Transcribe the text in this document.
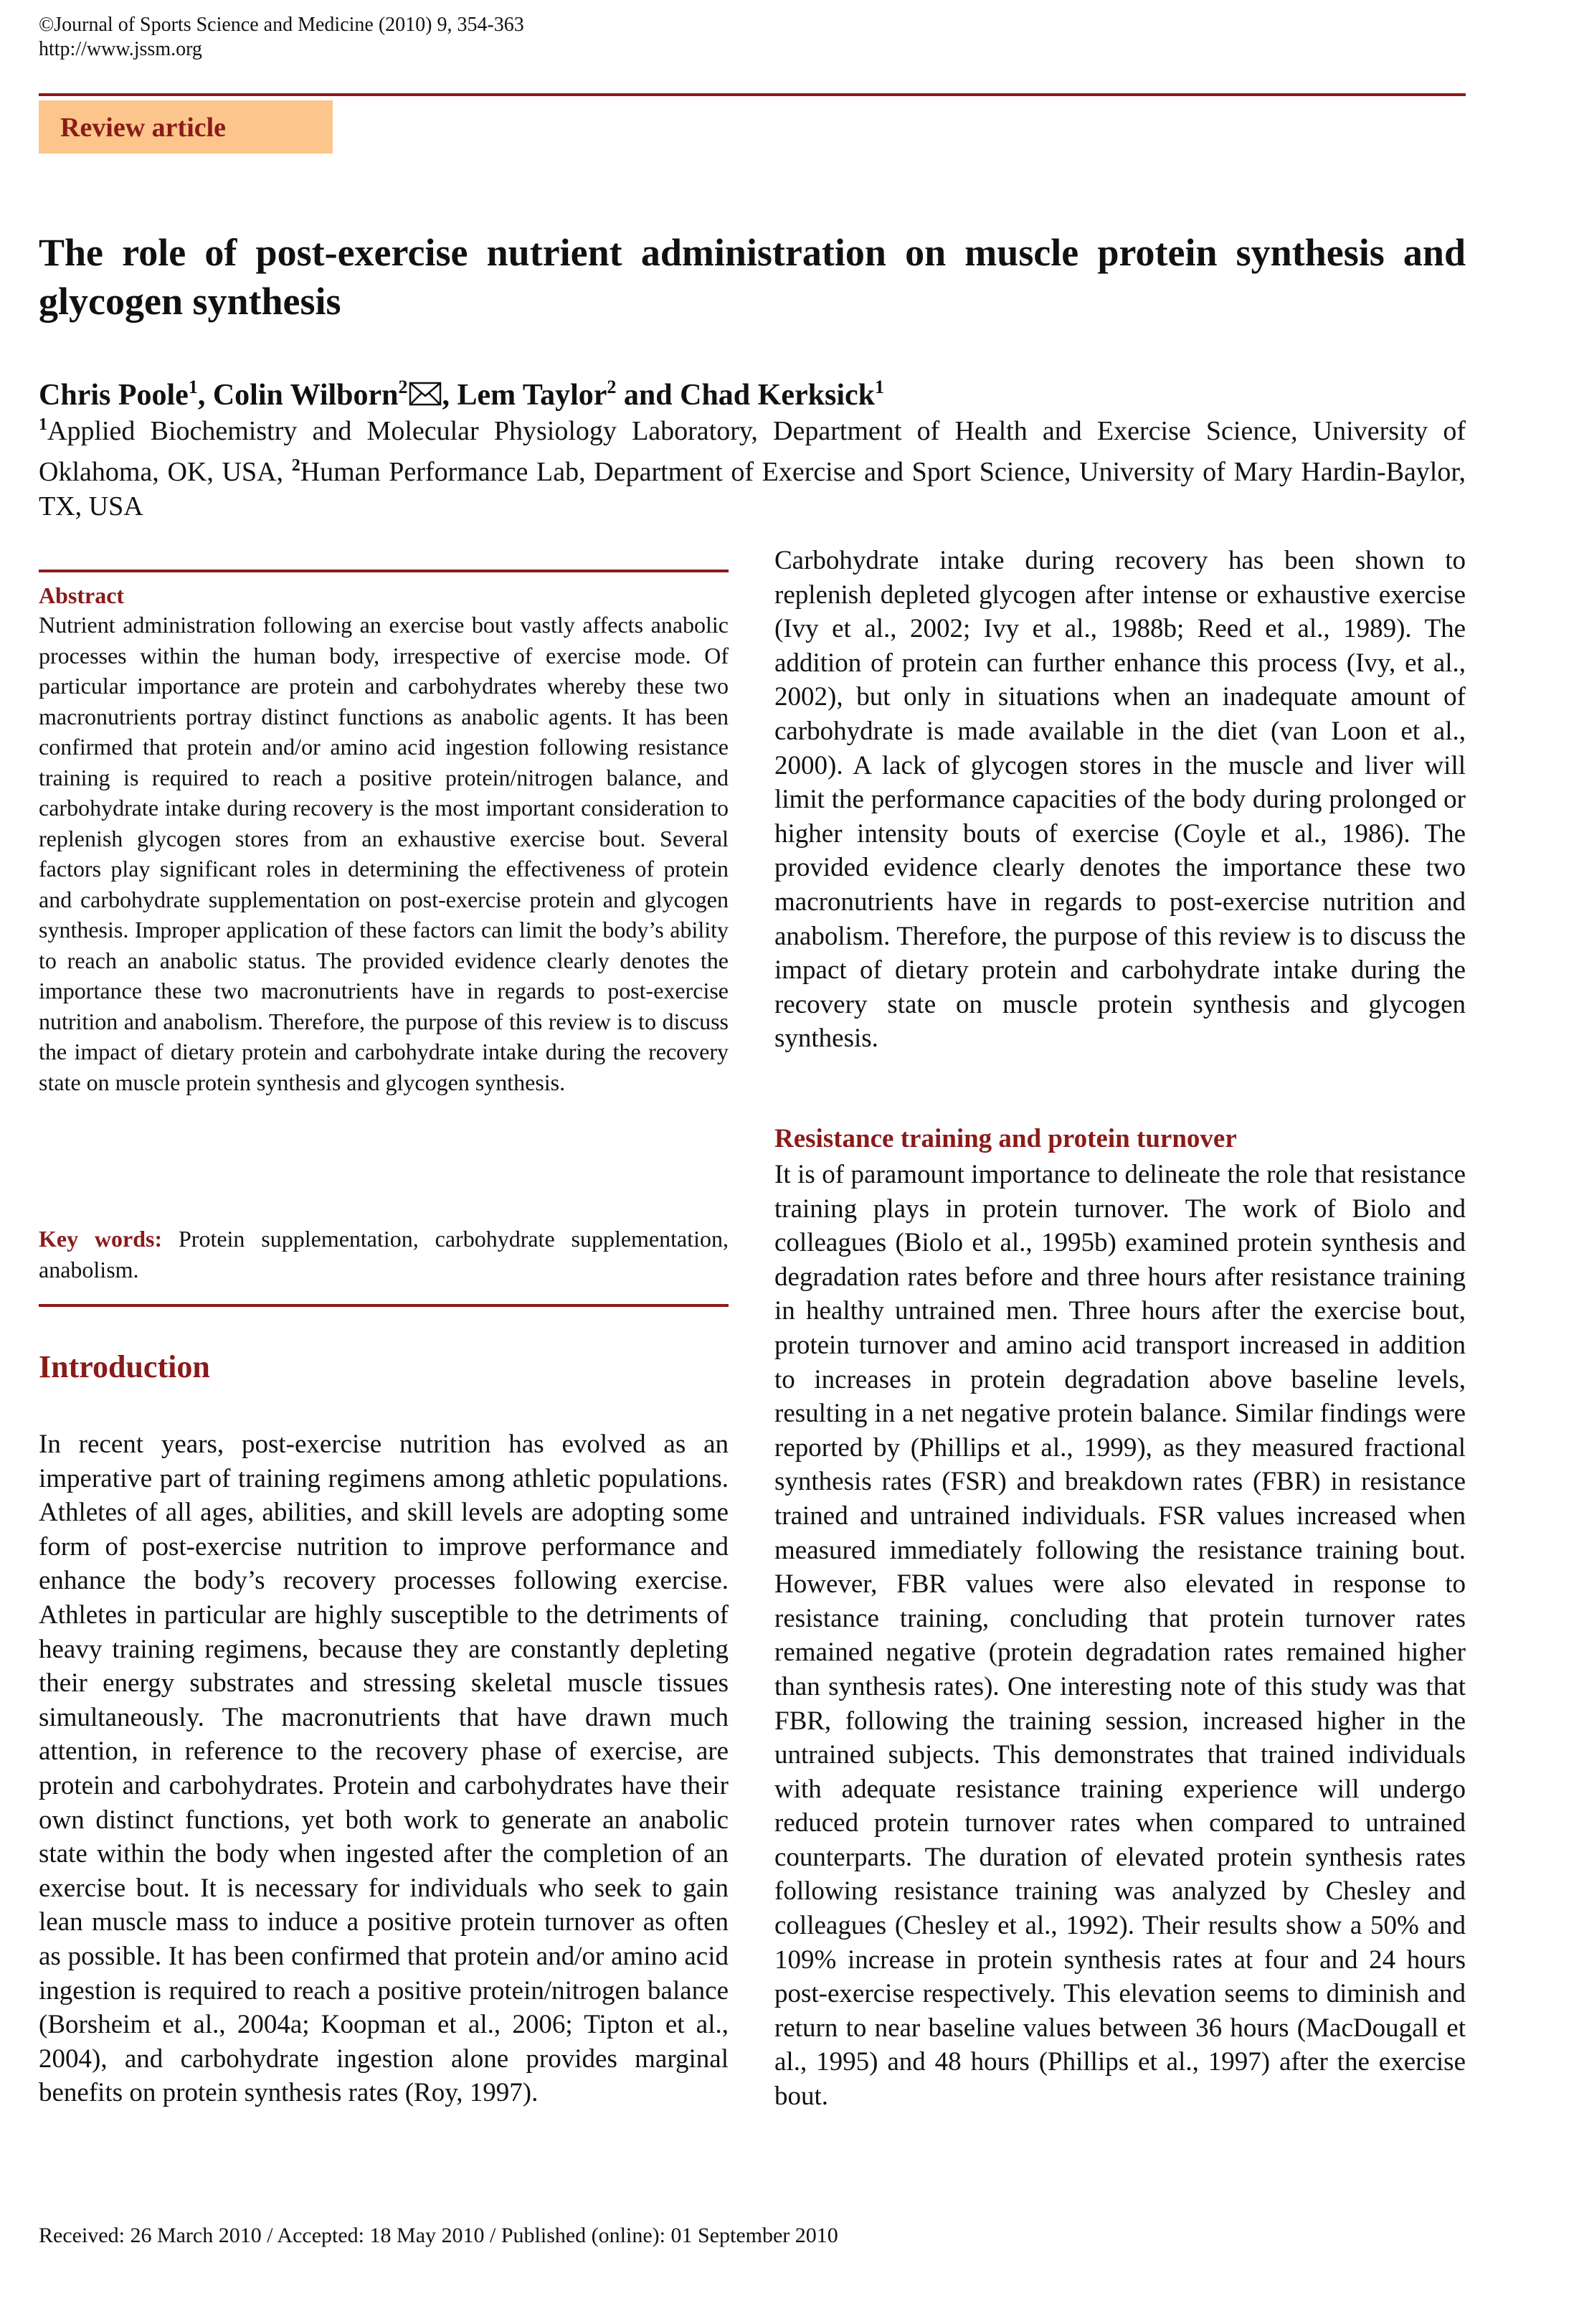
©Journal of Sports Science and Medicine (2010) 9, 354-363
http://www.jssm.org
Review article
The role of post-exercise nutrient administration on muscle protein synthesis and glycogen synthesis
Chris Poole$^1$, Colin Wilborn$^2$ , Lem Taylor$^2$ and Chad Kerksick$^1$
$^1$Applied Biochemistry and Molecular Physiology Laboratory, Department of Health and Exercise Science, University of Oklahoma, OK, USA, $^2$Human Performance Lab, Department of Exercise and Sport Science, University of Mary Hardin-Baylor, TX, USA
Abstract
Nutrient administration following an exercise bout vastly affects anabolic processes within the human body, irrespective of exercise mode. Of particular importance are protein and carbohydrates whereby these two macronutrients portray distinct functions as anabolic agents. It has been confirmed that protein and/or amino acid ingestion following resistance training is required to reach a positive protein/nitrogen balance, and carbohydrate intake during recovery is the most important consideration to replenish glycogen stores from an exhaustive exercise bout. Several factors play significant roles in determining the effectiveness of protein and carbohydrate supplementation on post-exercise protein and glycogen synthesis. Improper application of these factors can limit the body’s ability to reach an anabolic status. The provided evidence clearly denotes the importance these two macronutrients have in regards to post-exercise nutrition and anabolism. Therefore, the purpose of this review is to discuss the impact of dietary protein and carbohydrate intake during the recovery state on muscle protein synthesis and glycogen synthesis.
Key words: Protein supplementation, carbohydrate supplementation, anabolism.
Introduction
In recent years, post-exercise nutrition has evolved as an imperative part of training regimens among athletic populations. Athletes of all ages, abilities, and skill levels are adopting some form of post-exercise nutrition to improve performance and enhance the body’s recovery processes following exercise. Athletes in particular are highly susceptible to the detriments of heavy training regimens, because they are constantly depleting their energy substrates and stressing skeletal muscle tissues simultaneously. The macronutrients that have drawn much attention, in reference to the recovery phase of exercise, are protein and carbohydrates. Protein and carbohydrates have their own distinct functions, yet both work to generate an anabolic state within the body when ingested after the completion of an exercise bout. It is necessary for individuals who seek to gain lean muscle mass to induce a positive protein turnover as often as possible. It has been confirmed that protein and/or amino acid ingestion is required to reach a positive protein/nitrogen balance (Borsheim et al., 2004a; Koopman et al., 2006; Tipton et al., 2004), and carbohydrate ingestion alone provides marginal benefits on protein synthesis rates (Roy, 1997).
Carbohydrate intake during recovery has been shown to replenish depleted glycogen after intense or exhaustive exercise (Ivy et al., 2002; Ivy et al., 1988b; Reed et al., 1989). The addition of protein can further enhance this process (Ivy, et al., 2002), but only in situations when an inadequate amount of carbohydrate is made available in the diet (van Loon et al., 2000). A lack of glycogen stores in the muscle and liver will limit the performance capacities of the body during prolonged or higher intensity bouts of exercise (Coyle et al., 1986). The provided evidence clearly denotes the importance these two macronutrients have in regards to post-exercise nutrition and anabolism. Therefore, the purpose of this review is to discuss the impact of dietary protein and carbohydrate intake during the recovery state on muscle protein synthesis and glycogen synthesis.
Resistance training and protein turnover
It is of paramount importance to delineate the role that resistance training plays in protein turnover. The work of Biolo and colleagues (Biolo et al., 1995b) examined protein synthesis and degradation rates before and three hours after resistance training in healthy untrained men. Three hours after the exercise bout, protein turnover and amino acid transport increased in addition to increases in protein degradation above baseline levels, resulting in a net negative protein balance. Similar findings were reported by (Phillips et al., 1999), as they measured fractional synthesis rates (FSR) and breakdown rates (FBR) in resistance trained and untrained individuals. FSR values increased when measured immediately following the resistance training bout. However, FBR values were also elevated in response to resistance training, concluding that protein turnover rates remained negative (protein degradation rates remained higher than synthesis rates). One interesting note of this study was that FBR, following the training session, increased higher in the untrained subjects. This demonstrates that trained individuals with adequate resistance training experience will undergo reduced protein turnover rates when compared to untrained counterparts. The duration of elevated protein synthesis rates following resistance training was analyzed by Chesley and colleagues (Chesley et al., 1992). Their results show a 50% and 109% increase in protein synthesis rates at four and 24 hours post-exercise respectively. This elevation seems to diminish and return to near baseline values between 36 hours (MacDougall et al., 1995) and 48 hours (Phillips et al., 1997) after the exercise bout.
Received: 26 March 2010 / Accepted: 18 May 2010 / Published (online): 01 September 2010
